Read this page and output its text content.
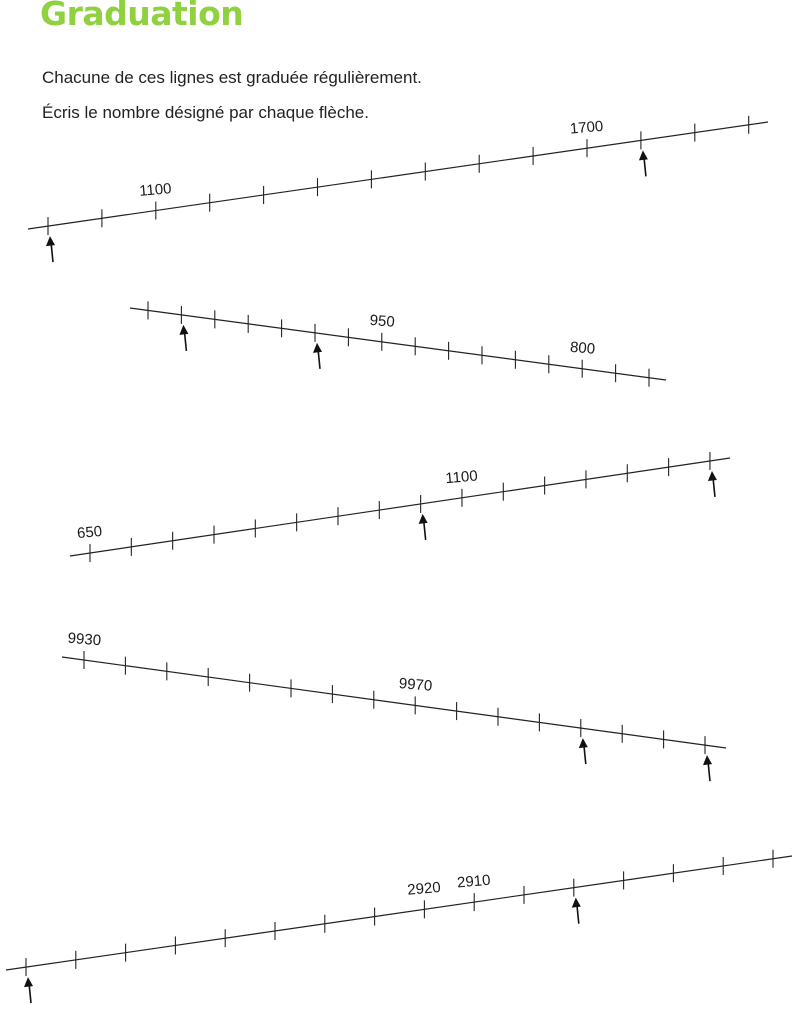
Graduation

Chacune de ces lignes est graduée régulièrement.

Écris le nombre désigné par chaque flèche.

1100
1700
950
800
650
1100
9930
9970
2920 2910
